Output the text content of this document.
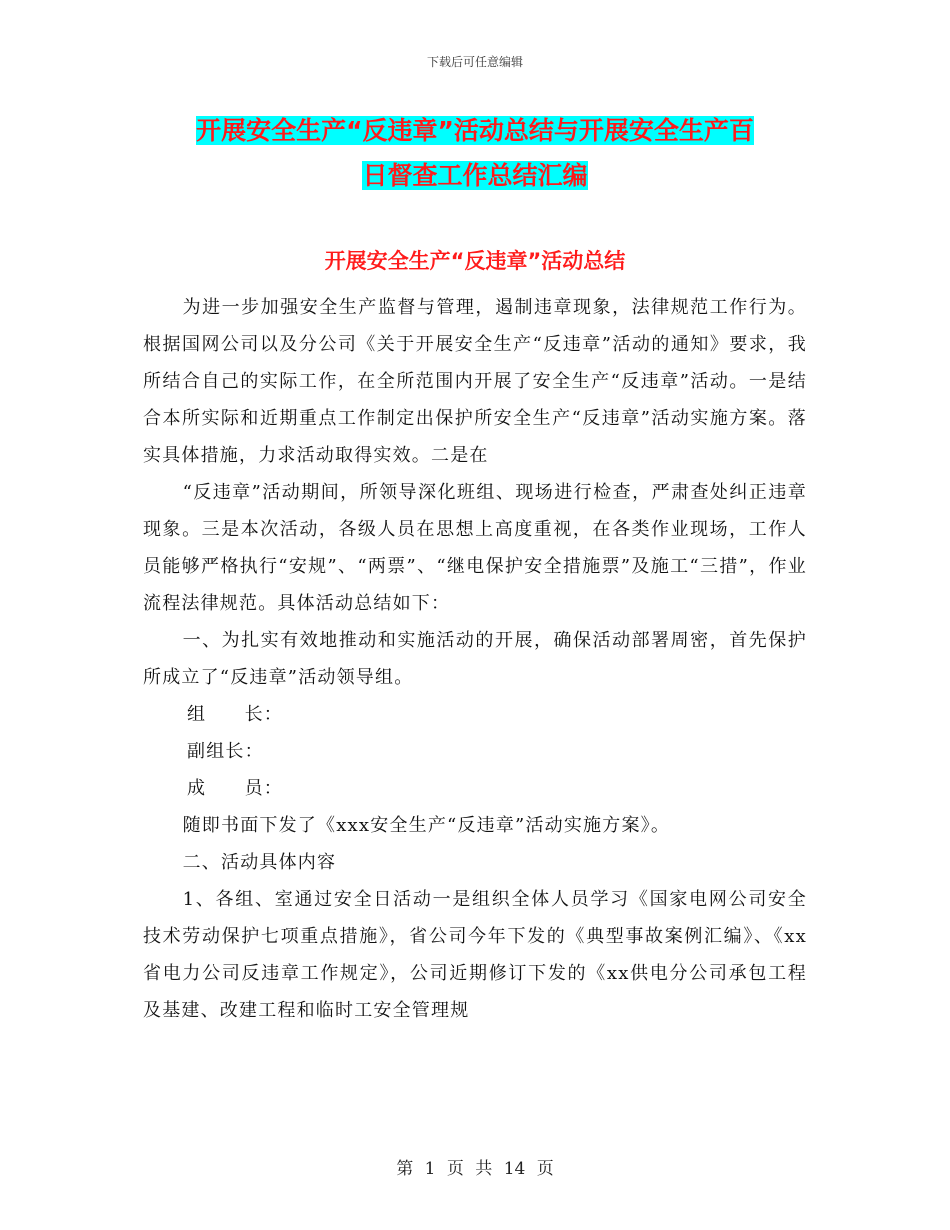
下载后可任意编辑
开展安全生产“反违章”活动总结与开展安全生产百
日督查工作总结汇编
开展安全生产“反违章”活动总结

为进一步加强安全生产监督与管理，遏制违章现象，法律规范工作行为。根据国网公司以及分公司《关于开展安全生产“反违章”活动的通知》要求，我所结合自己的实际工作，在全所范围内开展了安全生产“反违章”活动。一是结合本所实际和近期重点工作制定出保护所安全生产“反违章”活动实施方案。落实具体措施，力求活动取得实效。二是在

“反违章”活动期间，所领导深化班组、现场进行检查，严肃查处纠正违章现象。三是本次活动，各级人员在思想上高度重视，在各类作业现场，工作人员能够严格执行“安规”、“两票”、“继电保护安全措施票”及施工“三措”，作业流程法律规范。具体活动总结如下：

一、为扎实有效地推动和实施活动的开展，确保活动部署周密，首先保护所成立了“反违章”活动领导组。

组　　长：

副组长：

成　　员：

随即书面下发了《xxx安全生产“反违章”活动实施方案》。

二、活动具体内容

1、各组、室通过安全日活动一是组织全体人员学习《国家电网公司安全技术劳动保护七项重点措施》，省公司今年下发的《典型事故案例汇编》、《xx省电力公司反违章工作规定》，公司近期修订下发的《xx供电分公司承包工程及基建、改建工程和临时工安全管理规

第 1 页 共 14 页
